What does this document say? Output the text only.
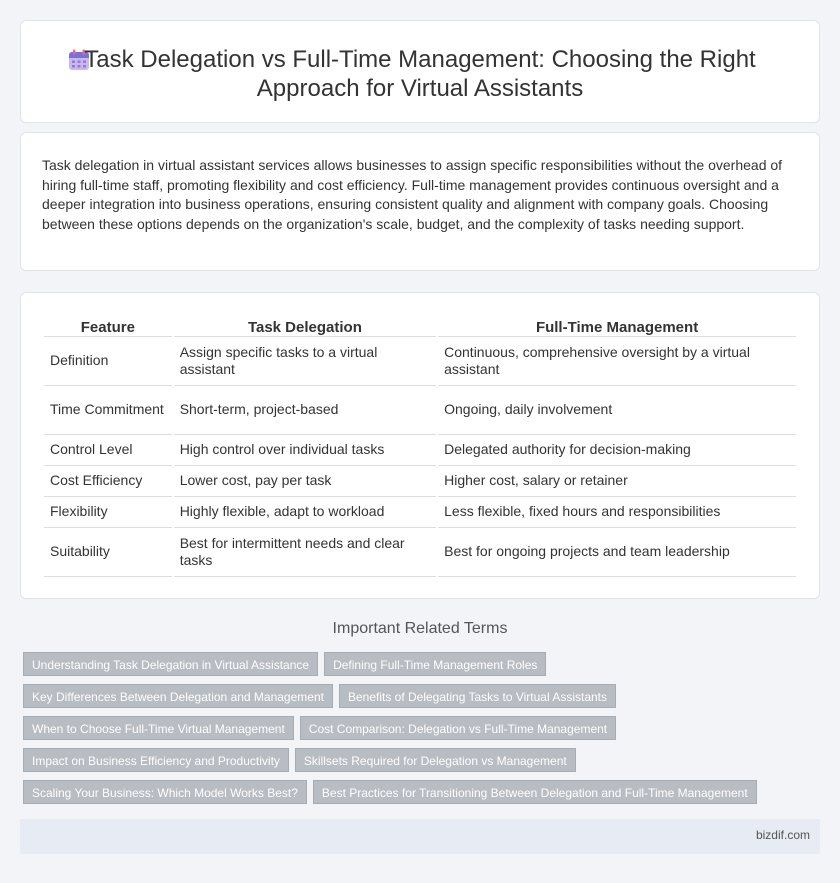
Task Delegation vs Full-Time Management: Choosing the Right
Approach for Virtual Assistants

Task delegation in virtual assistant services allows businesses to assign specific responsibilities without the overhead of hiring full-time staff, promoting flexibility and cost efficiency. Full-time management provides continuous oversight and a deeper integration into business operations, ensuring consistent quality and alignment with company goals. Choosing between these options depends on the organization's scale, budget, and the complexity of tasks needing support.

Feature	Task Delegation	Full-Time Management
Definition	Assign specific tasks to a virtual assistant	Continuous, comprehensive oversight by a virtual assistant
Time Commitment	Short-term, project-based	Ongoing, daily involvement
Control Level	High control over individual tasks	Delegated authority for decision-making
Cost Efficiency	Lower cost, pay per task	Higher cost, salary or retainer
Flexibility	Highly flexible, adapt to workload	Less flexible, fixed hours and responsibilities
Suitability	Best for intermittent needs and clear tasks	Best for ongoing projects and team leadership
Important Related Terms
Understanding Task Delegation in Virtual Assistance	Defining Full-Time Management Roles
Key Differences Between Delegation and Management	Benefits of Delegating Tasks to Virtual Assistants
When to Choose Full-Time Virtual Management	Cost Comparison: Delegation vs Full-Time Management
Impact on Business Efficiency and Productivity	Skillsets Required for Delegation vs Management
Scaling Your Business: Which Model Works Best?	Best Practices for Transitioning Between Delegation and Full-Time Management
bizdif.com
